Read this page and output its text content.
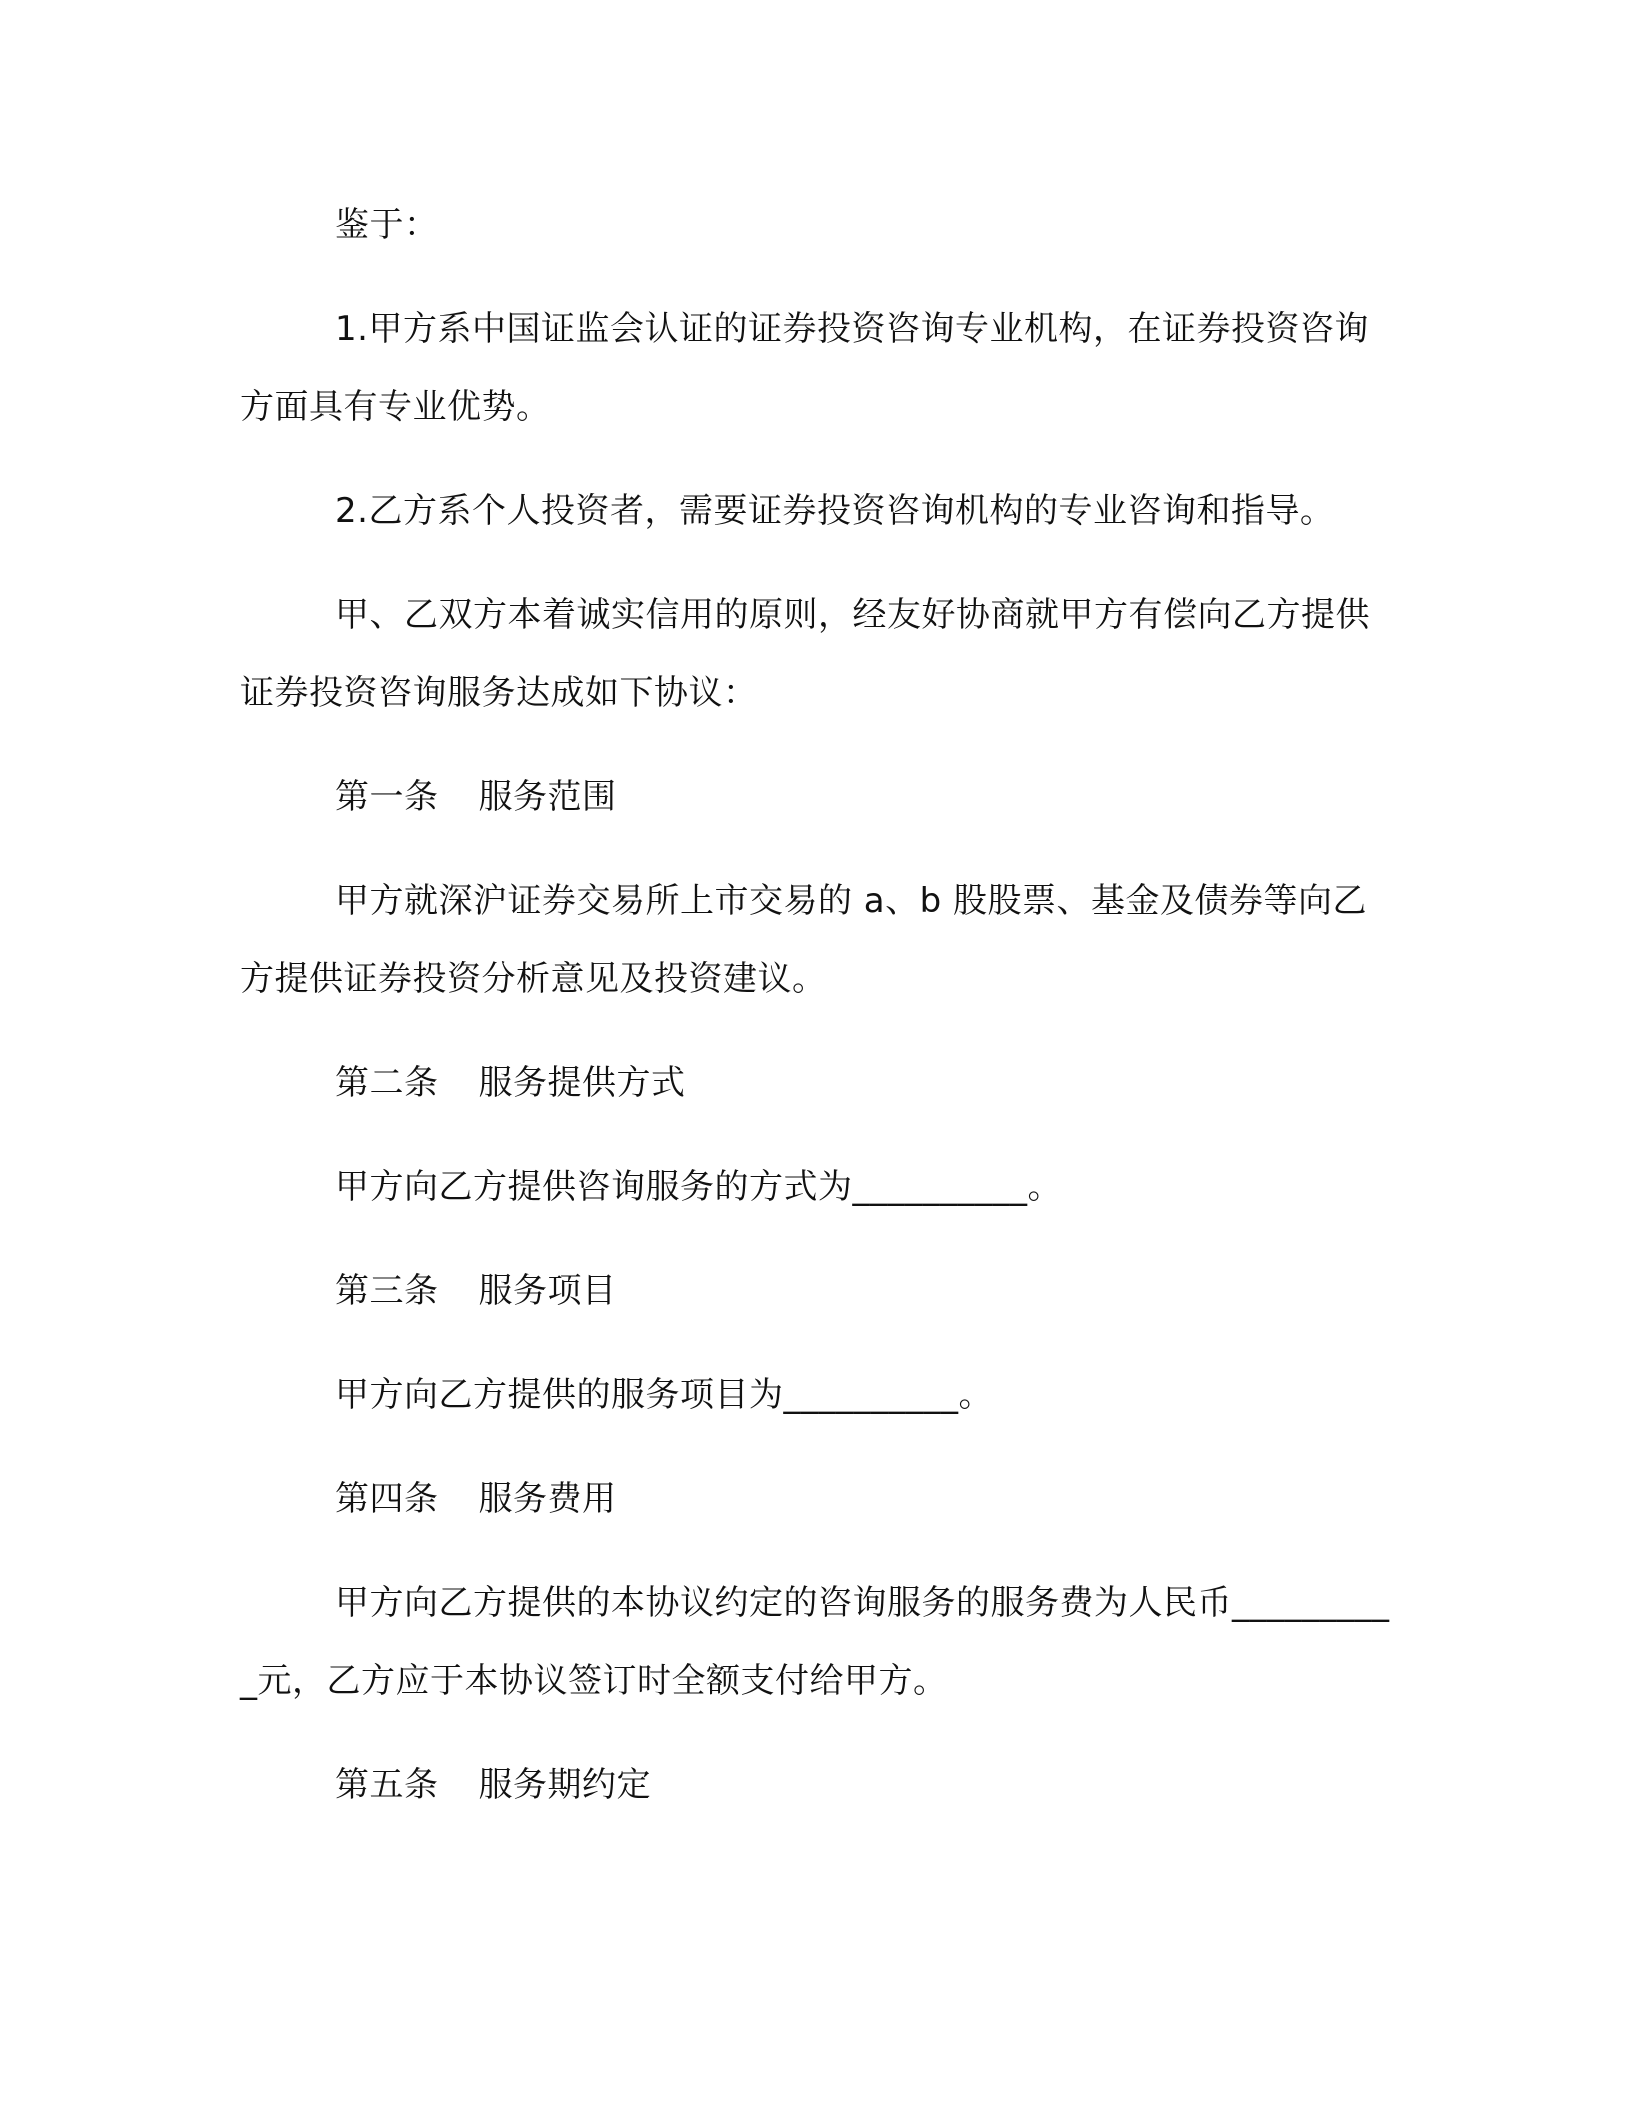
鉴于：

1.甲方系中国证监会认证的证券投资咨询专业机构，在证券投资咨询方面具有专业优势。

2.乙方系个人投资者，需要证券投资咨询机构的专业咨询和指导。

甲、乙双方本着诚实信用的原则，经友好协商就甲方有偿向乙方提供证券投资咨询服务达成如下协议：

第一条 服务范围

甲方就深沪证券交易所上市交易的 a、b 股股票、基金及债券等向乙方提供证券投资分析意见及投资建议。

第二条 服务提供方式

甲方向乙方提供咨询服务的方式为__________。

第三条 服务项目

甲方向乙方提供的服务项目为__________。

第四条 服务费用

甲方向乙方提供的本协议约定的咨询服务的服务费为人民币__________元，乙方应于本协议签订时全额支付给甲方。

第五条 服务期约定
